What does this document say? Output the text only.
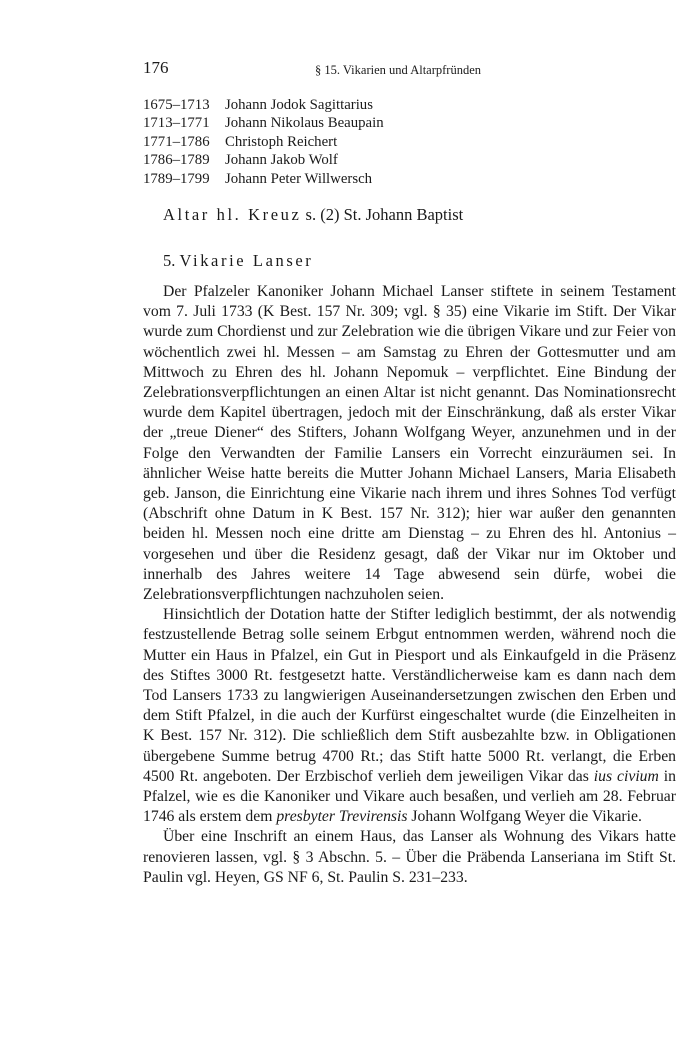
176	§ 15. Vikarien und Altarpfründen
1675–1713 Johann Jodok Sagittarius
1713–1771 Johann Nikolaus Beaupain
1771–1786 Christoph Reichert
1786–1789 Johann Jakob Wolf
1789–1799 Johann Peter Willwersch
Altar hl. Kreuz s. (2) St. Johann Baptist
5. Vikarie Lanser

Der Pfalzeler Kanoniker Johann Michael Lanser stiftete in seinem Testament vom 7. Juli 1733 (K Best. 157 Nr. 309; vgl. § 35) eine Vikarie im Stift. Der Vikar wurde zum Chordienst und zur Zelebration wie die übrigen Vikare und zur Feier von wöchentlich zwei hl. Messen – am Samstag zu Ehren der Gottesmutter und am Mittwoch zu Ehren des hl. Johann Nepomuk – verpflichtet. Eine Bindung der Zelebrationsverpflichtungen an einen Altar ist nicht genannt. Das Nominationsrecht wurde dem Kapitel übertragen, jedoch mit der Einschränkung, daß als erster Vikar der „treue Diener“ des Stifters, Johann Wolfgang Weyer, anzunehmen und in der Folge den Verwandten der Familie Lansers ein Vorrecht einzuräumen sei. In ähnlicher Weise hatte bereits die Mutter Johann Michael Lansers, Maria Elisabeth geb. Janson, die Einrichtung eine Vikarie nach ihrem und ihres Sohnes Tod verfügt (Abschrift ohne Datum in K Best. 157 Nr. 312); hier war außer den genannten beiden hl. Messen noch eine dritte am Dienstag – zu Ehren des hl. Antonius – vorgesehen und über die Residenz gesagt, daß der Vikar nur im Oktober und innerhalb des Jahres weitere 14 Tage abwesend sein dürfe, wobei die Zelebrationsverpflichtungen nachzuholen seien.

Hinsichtlich der Dotation hatte der Stifter lediglich bestimmt, der als notwendig festzustellende Betrag solle seinem Erbgut entnommen werden, während noch die Mutter ein Haus in Pfalzel, ein Gut in Piesport und als Einkaufgeld in die Präsenz des Stiftes 3000 Rt. festgesetzt hatte. Verständlicherweise kam es dann nach dem Tod Lansers 1733 zu langwierigen Auseinandersetzungen zwischen den Erben und dem Stift Pfalzel, in die auch der Kurfürst eingeschaltet wurde (die Einzelheiten in K Best. 157 Nr. 312). Die schließlich dem Stift ausbezahlte bzw. in Obligationen übergebene Summe betrug 4700 Rt.; das Stift hatte 5000 Rt. verlangt, die Erben 4500 Rt. angeboten. Der Erzbischof verlieh dem jeweiligen Vikar das ius civium in Pfalzel, wie es die Kanoniker und Vikare auch besaßen, und verlieh am 28. Februar 1746 als erstem dem presbyter Trevirensis Johann Wolfgang Weyer die Vikarie.

Über eine Inschrift an einem Haus, das Lanser als Wohnung des Vikars hatte renovieren lassen, vgl. § 3 Abschn. 5. – Über die Präbenda Lanseriana im Stift St. Paulin vgl. Heyen, GS NF 6, St. Paulin S. 231–233.
